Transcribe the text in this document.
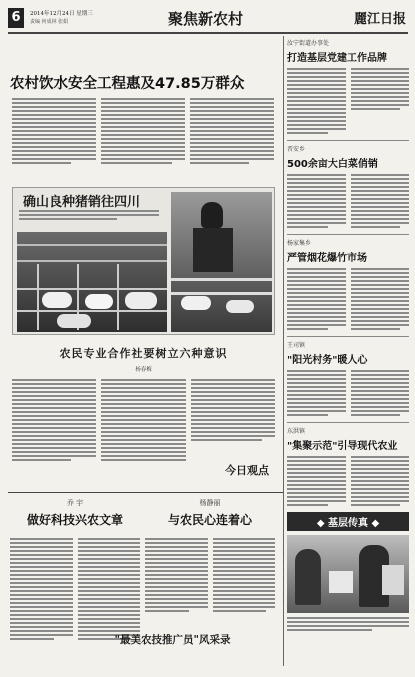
6	2014年12月24日 星期三
责编 何成林 张娟	聚焦新农村	麗江日报
农村饮水安全工程惠及47.85万群众
确山良种猪销往四川
农民专业合作社要树立六种意识
杨春梅
今日观点
乔 宇
做好科技兴农文章
杨静丽
与农民心连着心
"最美农技推广员"风采录
汝宁街道办事处
打造基层党建工作品牌
晋安乡
500余亩大白菜俏销
杨家集乡
严管烟花爆竹市场
王司镇
"阳光村务"暖人心
东洪镇
"集聚示范"引导现代农业
◆ 基层传真 ◆
